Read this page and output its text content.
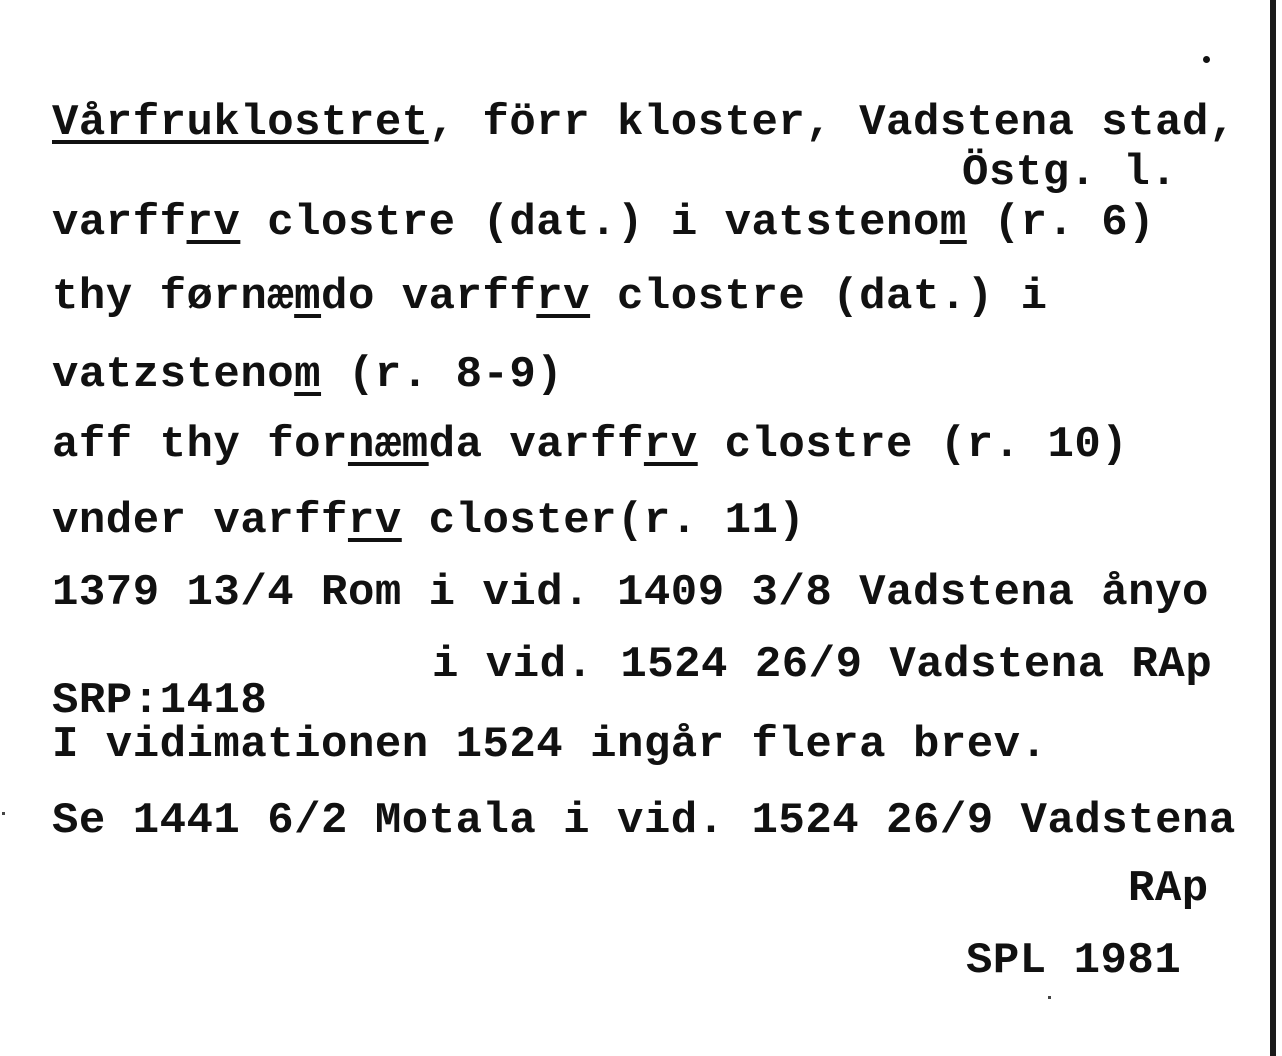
Vårfruklostret, förr kloster, Vadstena stad,
Östg. l.
varffrv clostre (dat.) i vatstenom (r. 6)
thy førnæmdo varffrv clostre (dat.) i
vatzstenom (r. 8-9)
aff thy fornæmda varffrv clostre (r. 10)
vnder varffrv closter(r. 11)
1379 13/4 Rom i vid. 1409 3/8 Vadstena ånyo
i vid. 1524 26/9 Vadstena RAp
SRP:1418
I vidimationen 1524 ingår flera brev.
Se 1441 6/2 Motala i vid. 1524 26/9 Vadstena
RAp
SPL 1981
